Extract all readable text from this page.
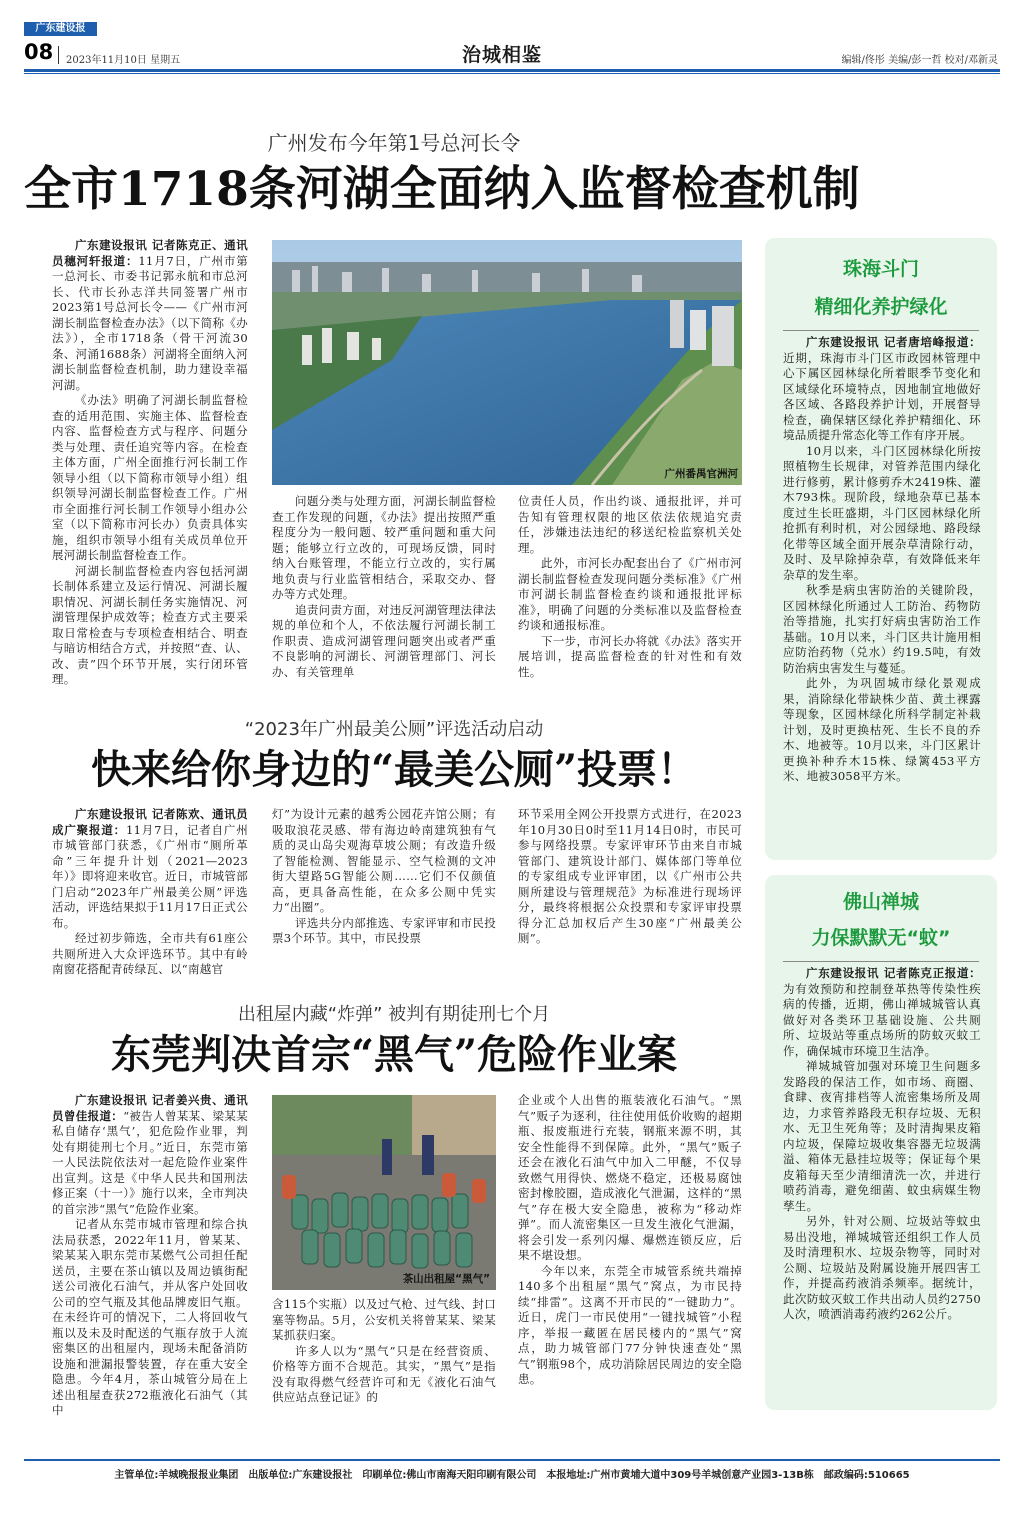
广东建设报
08 2023年11月10日 星期五	治城相鉴	编辑/佟彤 美编/彭一哲 校对/邓新灵
广州发布今年第1号总河长令
全市1718条河湖全面纳入监督检查机制

广东建设报讯 记者陈克正、通讯员穗河轩报道：11月7日，广州市第一总河长、市委书记郭永航和市总河长、代市长孙志洋共同签署广州市2023第1号总河长令——《广州市河湖长制监督检查办法》（以下简称《办法》），全市1718条（骨干河流30条、河涌1688条）河湖将全面纳入河湖长制监督检查机制，助力建设幸福河湖。

《办法》明确了河湖长制监督检查的适用范围、实施主体、监督检查内容、监督检查方式与程序、问题分类与处理、责任追究等内容。在检查主体方面，广州全面推行河长制工作领导小组（以下简称市领导小组）组织领导河湖长制监督检查工作。广州市全面推行河长制工作领导小组办公室（以下简称市河长办）负责具体实施，组织市领导小组有关成员单位开展河湖长制监督检查工作。

河湖长制监督检查内容包括河湖长制体系建立及运行情况、河湖长履职情况、河湖长制任务实施情况、河湖管理保护成效等；检查方式主要采取日常检查与专项检查相结合、明查与暗访相结合方式，并按照“查、认、改、责”四个环节开展，实行闭环管理。

广州番禺官洲河

问题分类与处理方面，河湖长制监督检查工作发现的问题，《办法》提出按照严重程度分为一般问题、较严重问题和重大问题；能够立行立改的，可现场反馈，同时纳入台账管理，不能立行立改的，实行属地负责与行业监管相结合，采取交办、督办等方式处理。

追责问责方面，对违反河湖管理法律法规的单位和个人，不依法履行河湖长制工作职责、造成河湖管理问题突出或者严重不良影响的河湖长、河湖管理部门、河长办、有关管理单

位责任人员，作出约谈、通报批评，并可告知有管理权限的地区依法依规追究责任，涉嫌违法违纪的移送纪检监察机关处理。

此外，市河长办配套出台了《广州市河湖长制监督检查发现问题分类标准》《广州市河湖长制监督检查约谈和通报批评标准》，明确了问题的分类标准以及监督检查约谈和通报标准。

下一步，市河长办将就《办法》落实开展培训，提高监督检查的针对性和有效性。

“2023年广州最美公厕”评选活动启动
快来给你身边的“最美公厕”投票！

广东建设报讯 记者陈欢、通讯员成广聚报道：11月7日，记者自广州市城管部门获悉，《广州市“厕所革命”三年提升计划（2021—2023年）》即将迎来收官。近日，市城管部门启动“2023年广州最美公厕”评选活动，评选结果拟于11月17日正式公布。

经过初步筛选，全市共有61座公共厕所进入大众评选环节。其中有岭南窗花搭配青砖绿瓦、以“南越官

灯”为设计元素的越秀公园花卉馆公厕；有吸取浪花灵感、带有海边岭南建筑独有气质的灵山岛尖观海草坡公厕；有改造升级了智能检测、智能显示、空气检测的文冲街大望路5G智能公厕……它们不仅颜值高，更具备高性能，在众多公厕中凭实力“出圈”。

评选共分内部推选、专家评审和市民投票3个环节。其中，市民投票

环节采用全网公开投票方式进行，在2023年10月30日0时至11月14日0时，市民可参与网络投票。专家评审环节由来自市城管部门、建筑设计部门、媒体部门等单位的专家组成专业评审团，以《广州市公共厕所建设与管理规范》为标准进行现场评分，最终将根据公众投票和专家评审投票得分汇总加权后产生30座“广州最美公厕”。

出租屋内藏“炸弹” 被判有期徒刑七个月
东莞判决首宗“黑气”危险作业案

广东建设报讯 记者姜兴贵、通讯员曾佳报道：“被告人曾某某、梁某某私自储存‘黑气’，犯危险作业罪，判处有期徒刑七个月。”近日，东莞市第一人民法院依法对一起危险作业案件出宣判。这是《中华人民共和国刑法修正案（十一）》施行以来，全市判决的首宗涉“黑气”危险作业案。

记者从东莞市城市管理和综合执法局获悉，2022年11月，曾某某、梁某某入职东莞市某燃气公司担任配送员，主要在茶山镇以及周边镇街配送公司液化石油气，并从客户处回收公司的空气瓶及其他品牌废旧气瓶。在未经许可的情况下，二人将回收气瓶以及未及时配送的气瓶存放于人流密集区的出租屋内，现场未配备消防设施和泄漏报警装置，存在重大安全隐患。今年4月，茶山城管分局在上述出租屋查获272瓶液化石油气（其中

茶山出租屋“黑气”

含115个实瓶）以及过气枪、过气线、封口塞等物品。5月，公安机关将曾某某、梁某某抓获归案。

许多人以为“黑气”只是在经营资质、价格等方面不合规范。其实，“黑气”是指没有取得燃气经营许可和无《液化石油气供应站点登记证》的

企业或个人出售的瓶装液化石油气。“黑气”贩子为逐利，往往使用低价收购的超期瓶、报废瓶进行充装，钢瓶来源不明，其安全性能得不到保障。此外，“黑气”贩子还会在液化石油气中加入二甲醚，不仅导致燃气用得快、燃烧不稳定，还极易腐蚀密封橡胶圈，造成液化气泄漏，这样的“黑气”存在极大安全隐患，被称为“移动炸弹”。而人流密集区一旦发生液化气泄漏，将会引发一系列闪爆、爆燃连锁反应，后果不堪设想。

今年以来，东莞全市城管系统共端掉140多个出租屋“黑气”窝点，为市民持续“排雷”。这离不开市民的“一键助力”。近日，虎门一市民使用“一键找城管”小程序，举报一藏匿在居民楼内的“黑气”窝点，助力城管部门77分钟快速查处“黑气”钢瓶98个，成功消除居民周边的安全隐患。

珠海斗门
精细化养护绿化

广东建设报讯 记者唐培峰报道：近期，珠海市斗门区市政园林管理中心下属区园林绿化所着眼季节变化和区域绿化环境特点，因地制宜地做好各区域、各路段养护计划，开展督导检查，确保辖区绿化养护精细化、环境品质提升常态化等工作有序开展。

10月以来，斗门区园林绿化所按照植物生长规律，对管养范围内绿化进行修剪，累计修剪乔木2419株、灌木793株。现阶段，绿地杂草已基本度过生长旺盛期，斗门区园林绿化所抢抓有利时机，对公园绿地、路段绿化带等区域全面开展杂草清除行动，及时、及早除掉杂草，有效降低来年杂草的发生率。

秋季是病虫害防治的关键阶段，区园林绿化所通过人工防治、药物防治等措施，扎实打好病虫害防治工作基础。10月以来，斗门区共计施用相应防治药物（兑水）约19.5吨，有效防治病虫害发生与蔓延。

此外，为巩固城市绿化景观成果，消除绿化带缺株少苗、黄土裸露等现象，区园林绿化所科学制定补栽计划，及时更换枯死、生长不良的乔木、地被等。10月以来，斗门区累计更换补种乔木15株、绿篱453平方米、地被3058平方米。

佛山禅城
力保默默无“蚊”

广东建设报讯 记者陈克正报道：为有效预防和控制登革热等传染性疾病的传播，近期，佛山禅城城管认真做好对各类环卫基础设施、公共厕所、垃圾站等重点场所的防蚊灭蚊工作，确保城市环境卫生洁净。

禅城城管加强对环境卫生问题多发路段的保洁工作，如市场、商圈、食肆、夜宵排档等人流密集场所及周边，力求管养路段无积存垃圾、无积水、无卫生死角等；及时清掏果皮箱内垃圾，保障垃圾收集容器无垃圾满溢、箱体无悬挂垃圾等；保证每个果皮箱每天至少清细清洗一次，并进行喷药消毒，避免细菌、蚊虫病媒生物孳生。

另外，针对公厕、垃圾站等蚊虫易出没地，禅城城管还组织工作人员及时清理积水、垃圾杂物等，同时对公厕、垃圾站及附属设施开展四害工作，并提高药液消杀频率。据统计，此次防蚊灭蚊工作共出动人员约2750人次，喷洒消毒药液约262公斤。

主管单位:羊城晚报报业集团　出版单位:广东建设报社　印刷单位:佛山市南海天阳印刷有限公司　本报地址:广州市黄埔大道中309号羊城创意产业园3-13B栋　邮政编码:510665
